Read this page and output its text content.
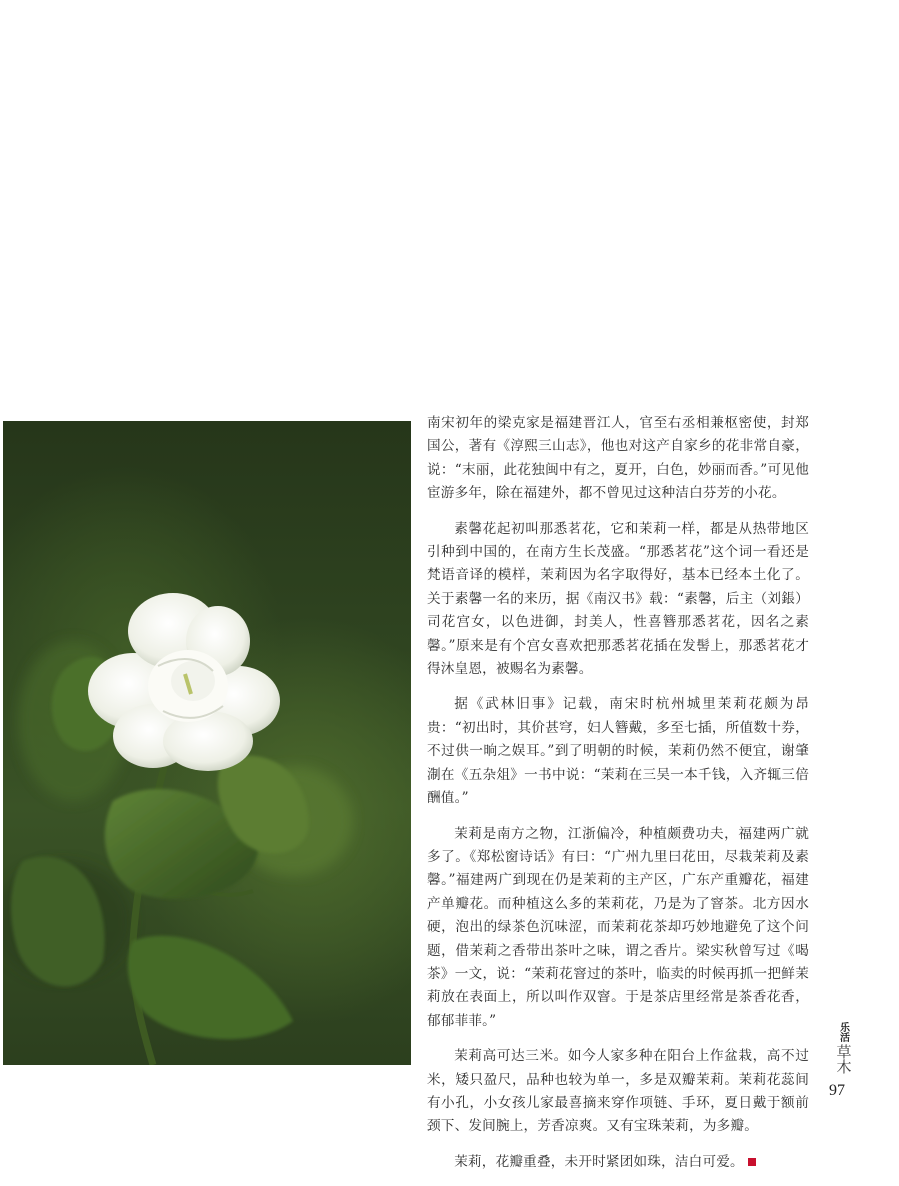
南宋初年的梁克家是福建晋江人，官至右丞相兼枢密使，封郑国公，著有《淳熙三山志》，他也对这产自家乡的花非常自豪，说：“末丽，此花独闽中有之，夏开，白色，妙丽而香。”可见他宦游多年，除在福建外，都不曾见过这种洁白芬芳的小花。

素馨花起初叫那悉茗花，它和茉莉一样，都是从热带地区引种到中国的，在南方生长茂盛。“那悉茗花”这个词一看还是梵语音译的模样，茉莉因为名字取得好，基本已经本土化了。关于素馨一名的来历，据《南汉书》载：“素馨，后主（刘鋹）司花宫女，以色进御，封美人，性喜簪那悉茗花，因名之素馨。”原来是有个宫女喜欢把那悉茗花插在发髻上，那悉茗花才得沐皇恩，被赐名为素馨。

据《武林旧事》记载，南宋时杭州城里茉莉花颇为昂贵：“初出时，其价甚穹，妇人簪戴，多至七插，所值数十券，不过供一晌之娱耳。”到了明朝的时候，茉莉仍然不便宜，谢肇淛在《五杂俎》一书中说：“茉莉在三吴一本千钱，入齐辄三倍酬值。”

茉莉是南方之物，江浙偏冷，种植颇费功夫，福建两广就多了。《郑松窗诗话》有曰：“广州九里曰花田，尽栽茉莉及素馨。”福建两广到现在仍是茉莉的主产区，广东产重瓣花，福建产单瓣花。而种植这么多的茉莉花，乃是为了窨茶。北方因水硬，泡出的绿茶色沉味涩，而茉莉花茶却巧妙地避免了这个问题，借茉莉之香带出茶叶之味，谓之香片。梁实秋曾写过《喝茶》一文，说：“茉莉花窨过的茶叶，临卖的时候再抓一把鲜茉莉放在表面上，所以叫作双窨。于是茶店里经常是茶香花香，郁郁菲菲。”

茉莉高可达三米。如今人家多种在阳台上作盆栽，高不过米，矮只盈尺，品种也较为单一，多是双瓣茉莉。茉莉花蕊间有小孔，小女孩儿家最喜摘来穿作项链、手环，夏日戴于额前颈下、发间腕上，芳香凉爽。又有宝珠茉莉，为多瓣。

茉莉，花瓣重叠，未开时紧团如珠，洁白可爱。

乐活
草木
97
